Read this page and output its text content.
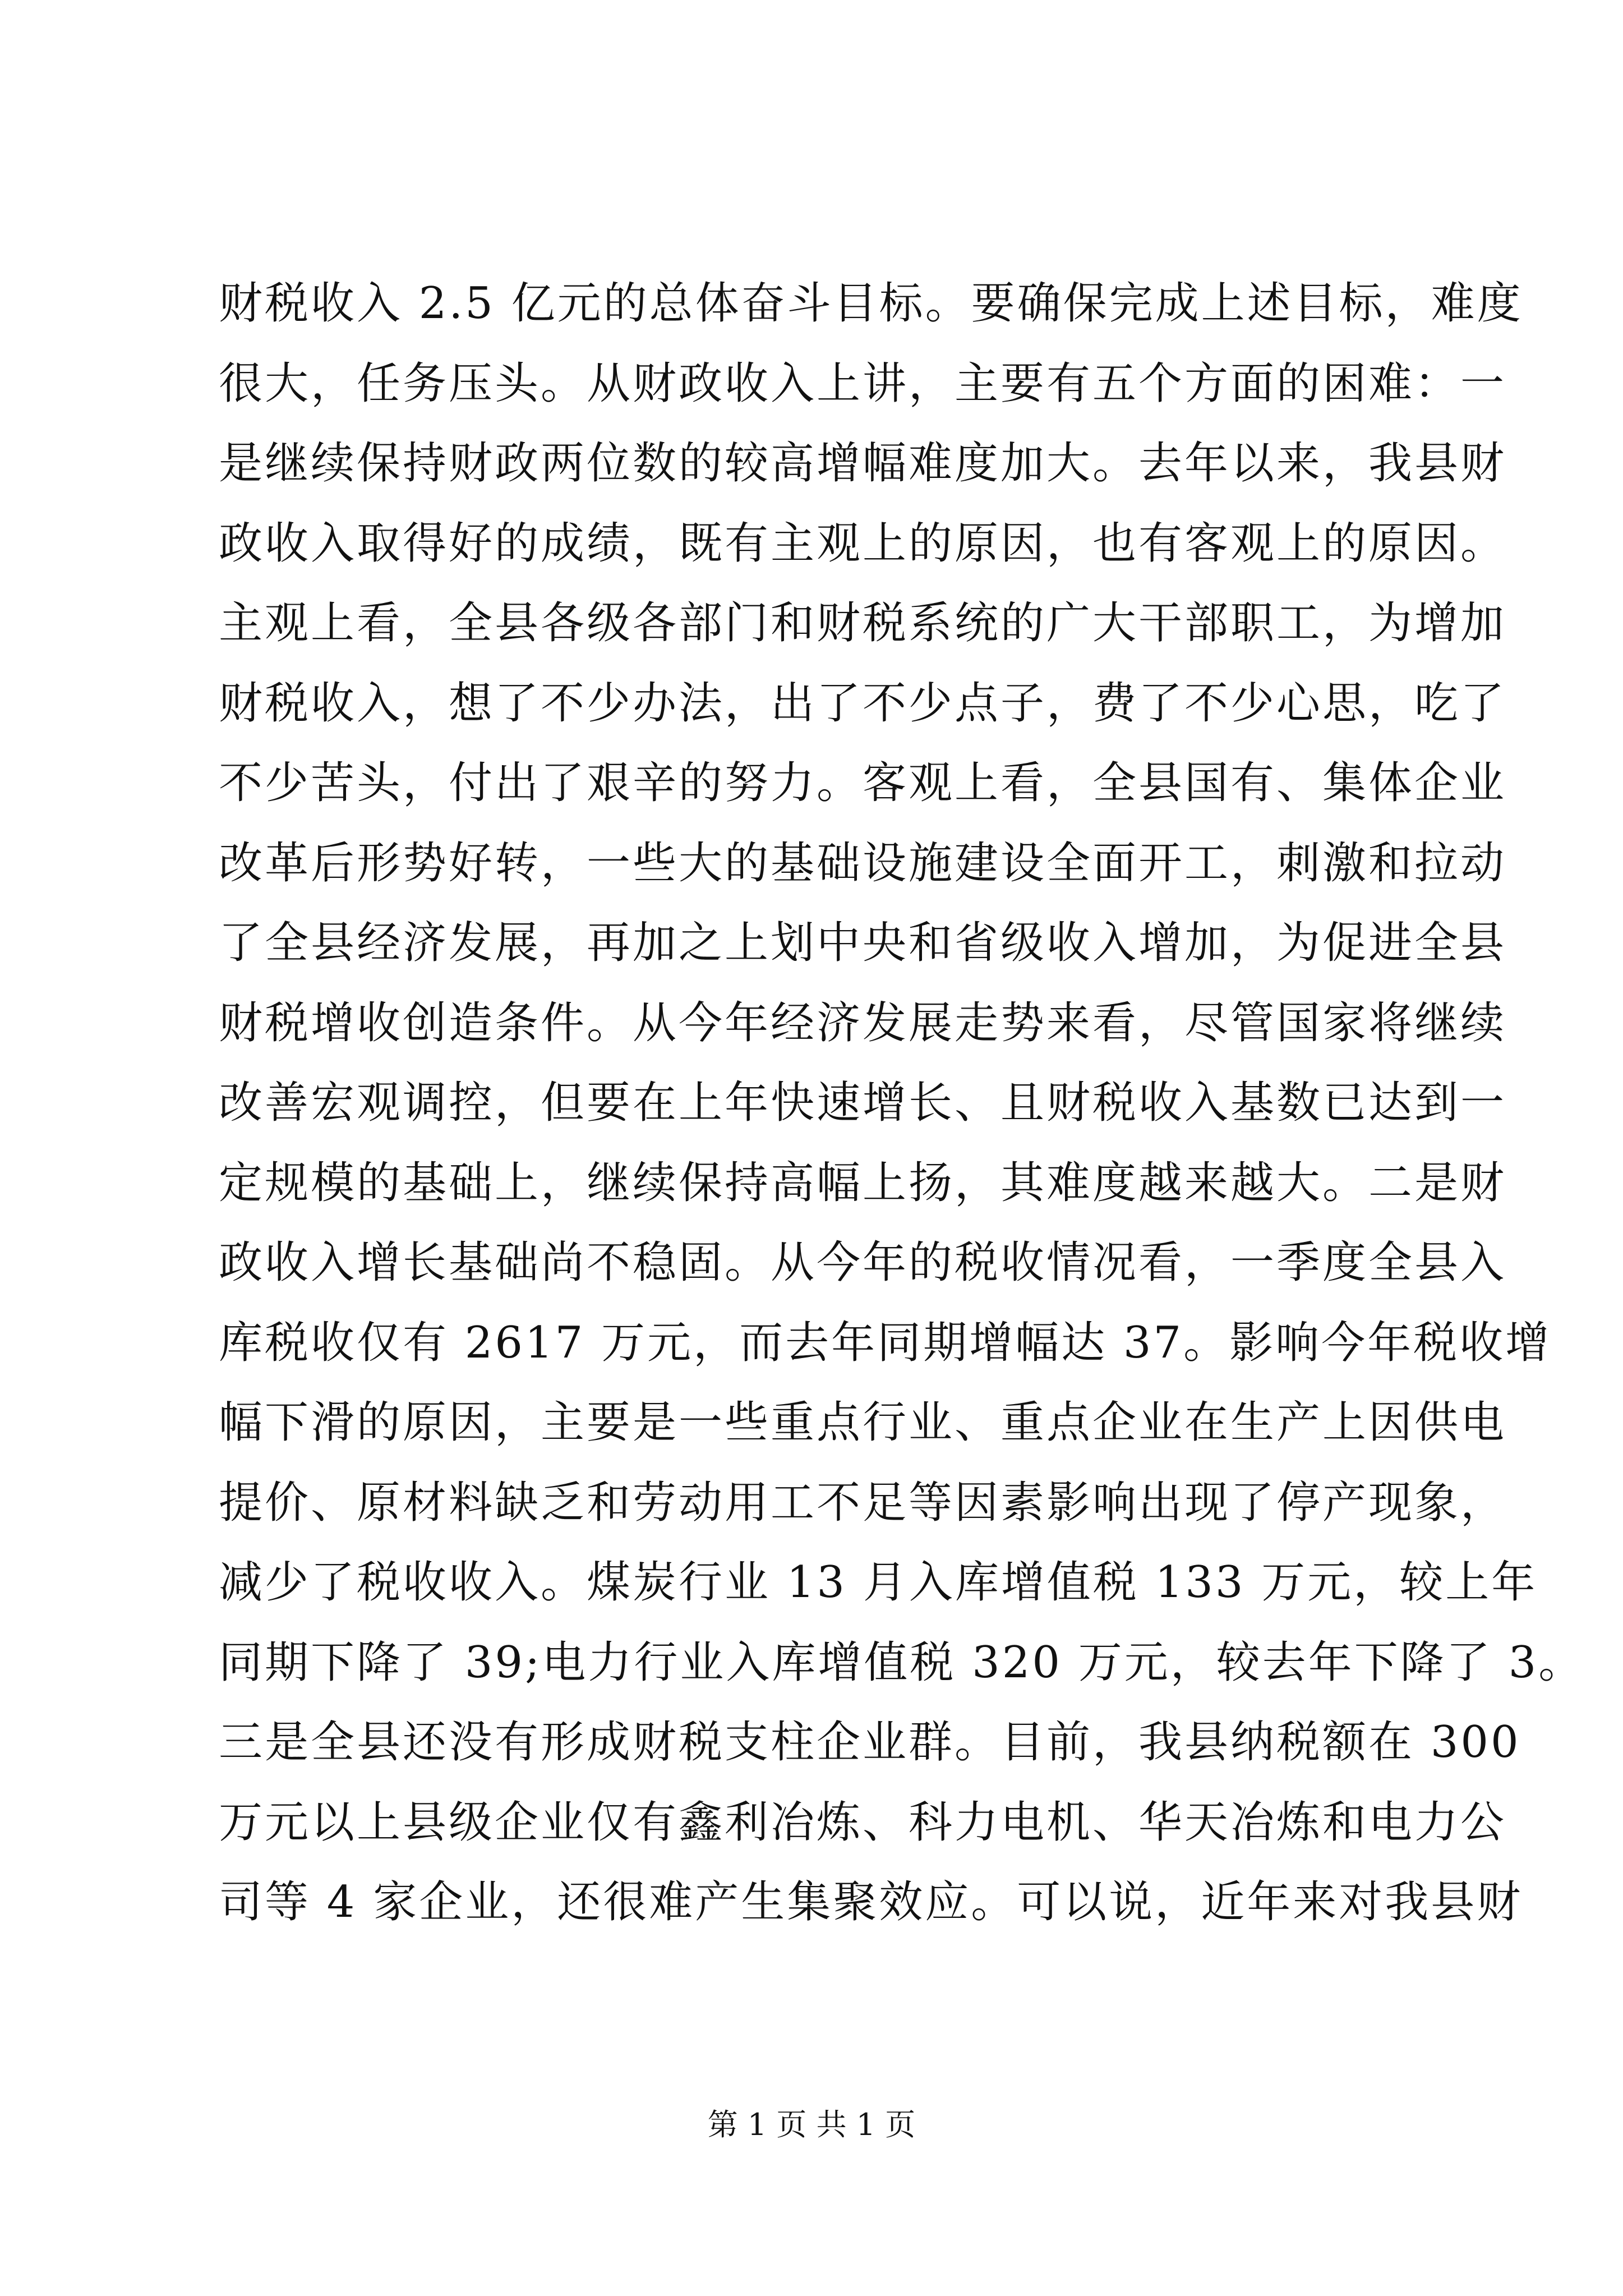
财税收入 2.5 亿元的总体奋斗目标。要确保完成上述目标，难度

很大，任务压头。从财政收入上讲，主要有五个方面的困难：一

是继续保持财政两位数的较高增幅难度加大。去年以来，我县财

政收入取得好的成绩，既有主观上的原因，也有客观上的原因。

主观上看，全县各级各部门和财税系统的广大干部职工，为增加

财税收入，想了不少办法，出了不少点子，费了不少心思，吃了

不少苦头，付出了艰辛的努力。客观上看，全县国有、集体企业

改革后形势好转，一些大的基础设施建设全面开工，刺激和拉动

了全县经济发展，再加之上划中央和省级收入增加，为促进全县

财税增收创造条件。从今年经济发展走势来看，尽管国家将继续

改善宏观调控，但要在上年快速增长、且财税收入基数已达到一

定规模的基础上，继续保持高幅上扬，其难度越来越大。二是财

政收入增长基础尚不稳固。从今年的税收情况看，一季度全县入

库税收仅有 2617 万元，而去年同期增幅达 37。影响今年税收增

幅下滑的原因，主要是一些重点行业、重点企业在生产上因供电

提价、原材料缺乏和劳动用工不足等因素影响出现了停产现象，

减少了税收收入。煤炭行业 13 月入库增值税 133 万元，较上年

同期下降了 39;电力行业入库增值税 320 万元，较去年下降了 3。

三是全县还没有形成财税支柱企业群。目前，我县纳税额在 300

万元以上县级企业仅有鑫利冶炼、科力电机、华天冶炼和电力公

司等 4 家企业，还很难产生集聚效应。可以说，近年来对我县财

第 1 页 共 1 页
